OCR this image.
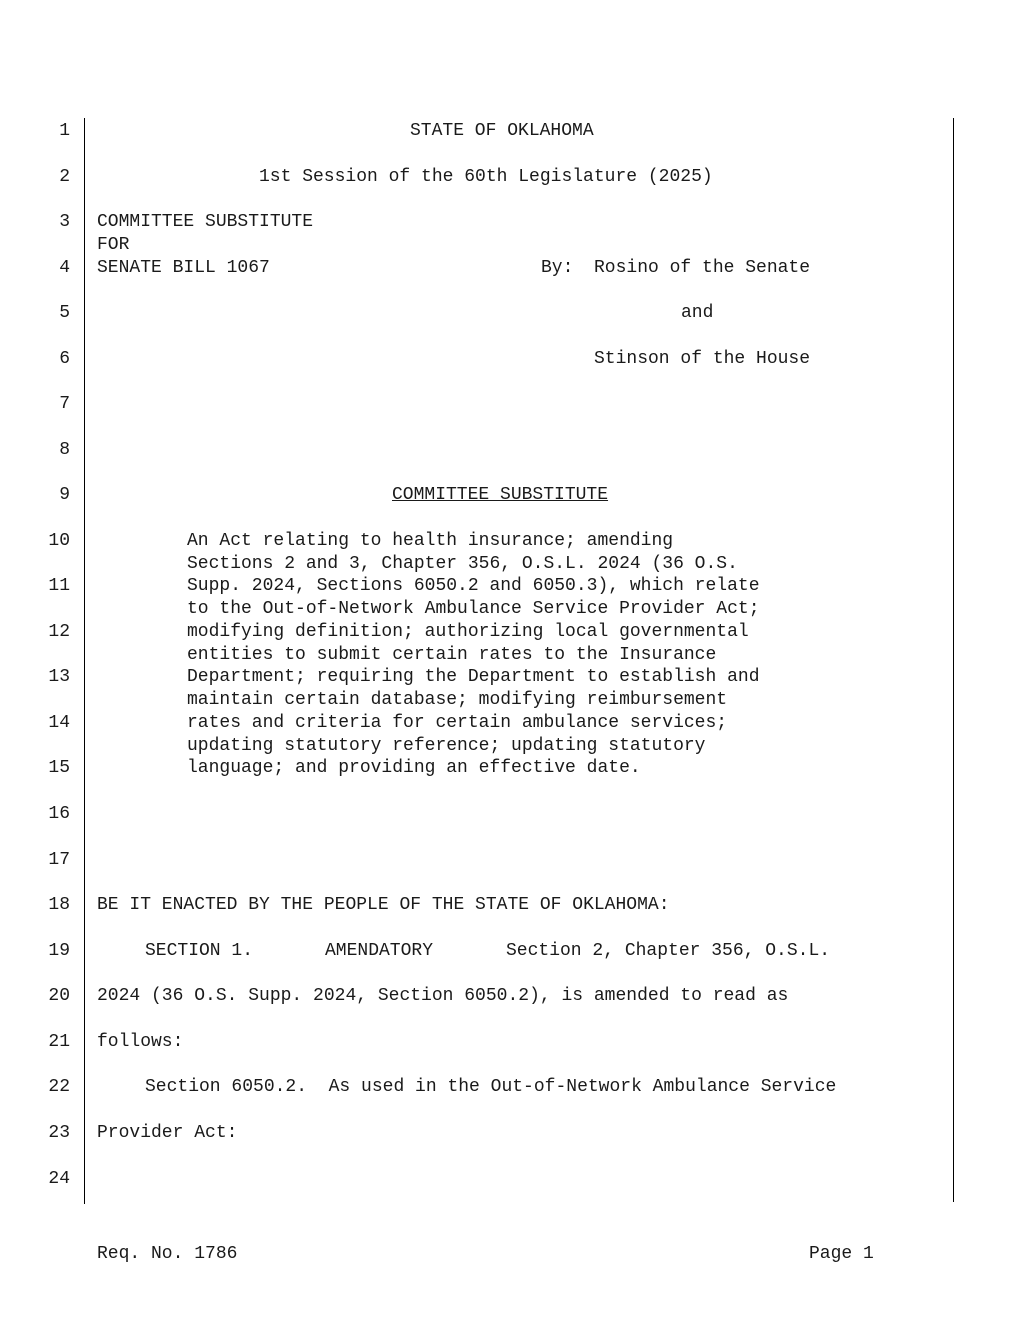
1
2
3
4
5
6
7
8
9
10
11
12
13
14
15
16
17
18
19
20
21
22
23
24
STATE OF OKLAHOMA
1st Session of the 60th Legislature (2025)
COMMITTEE SUBSTITUTE
FOR
SENATE BILL 1067	By: Rosino of the Senate
and
Stinson of the House
COMMITTEE SUBSTITUTE
An Act relating to health insurance; amending
Sections 2 and 3, Chapter 356, O.S.L. 2024 (36 O.S.
Supp. 2024, Sections 6050.2 and 6050.3), which relate
to the Out-of-Network Ambulance Service Provider Act;
modifying definition; authorizing local governmental
entities to submit certain rates to the Insurance
Department; requiring the Department to establish and
maintain certain database; modifying reimbursement
rates and criteria for certain ambulance services;
updating statutory reference; updating statutory
language; and providing an effective date.
BE IT ENACTED BY THE PEOPLE OF THE STATE OF OKLAHOMA:
SECTION 1.	AMENDATORY	Section 2, Chapter 356, O.S.L.
2024 (36 O.S. Supp. 2024, Section 6050.2), is amended to read as
follows:
Section 6050.2.  As used in the Out-of-Network Ambulance Service
Provider Act:
Req. No. 1786	Page 1
